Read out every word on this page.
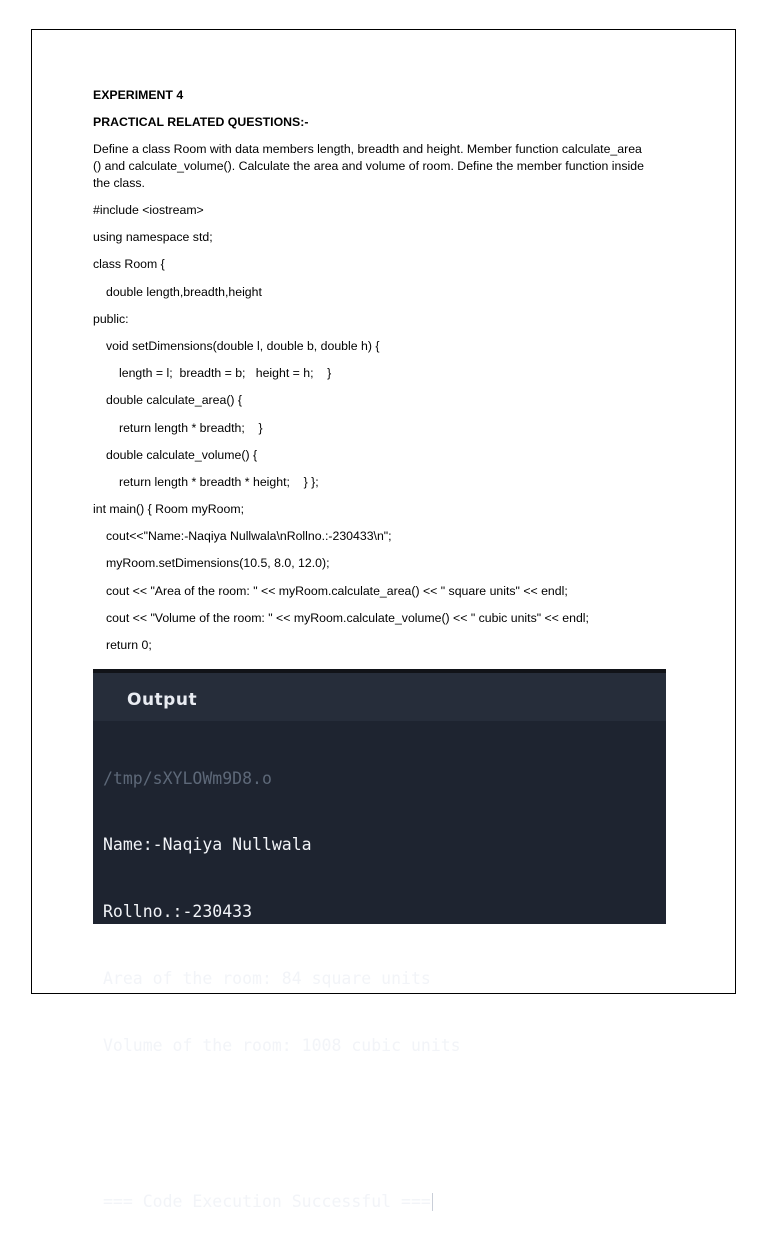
EXPERIMENT 4

PRACTICAL RELATED QUESTIONS:-

Define a class Room with data members length, breadth and height. Member function calculate_area () and calculate_volume(). Calculate the area and volume of room. Define the member function inside the class.

#include <iostream>

using namespace std;

class Room {

double length,breadth,height

public:

void setDimensions(double l, double b, double h) {

length = l;  breadth = b;   height = h;    }

double calculate_area() {

return length * breadth;    }

double calculate_volume() {

return length * breadth * height;    } };

int main() { Room myRoom;

cout<<"Name:-Naqiya Nullwala\nRollno.:-230433\n";

myRoom.setDimensions(10.5, 8.0, 12.0);

cout << "Area of the room: " << myRoom.calculate_area() << " square units" << endl;

cout << "Volume of the room: " << myRoom.calculate_volume() << " cubic units" << endl;

return 0;

Output

/tmp/sXYLOWm9D8.o

Name:-Naqiya Nullwala

Rollno.:-230433

Area of the room: 84 square units

Volume of the room: 1008 cubic units

=== Code Execution Successful ===
